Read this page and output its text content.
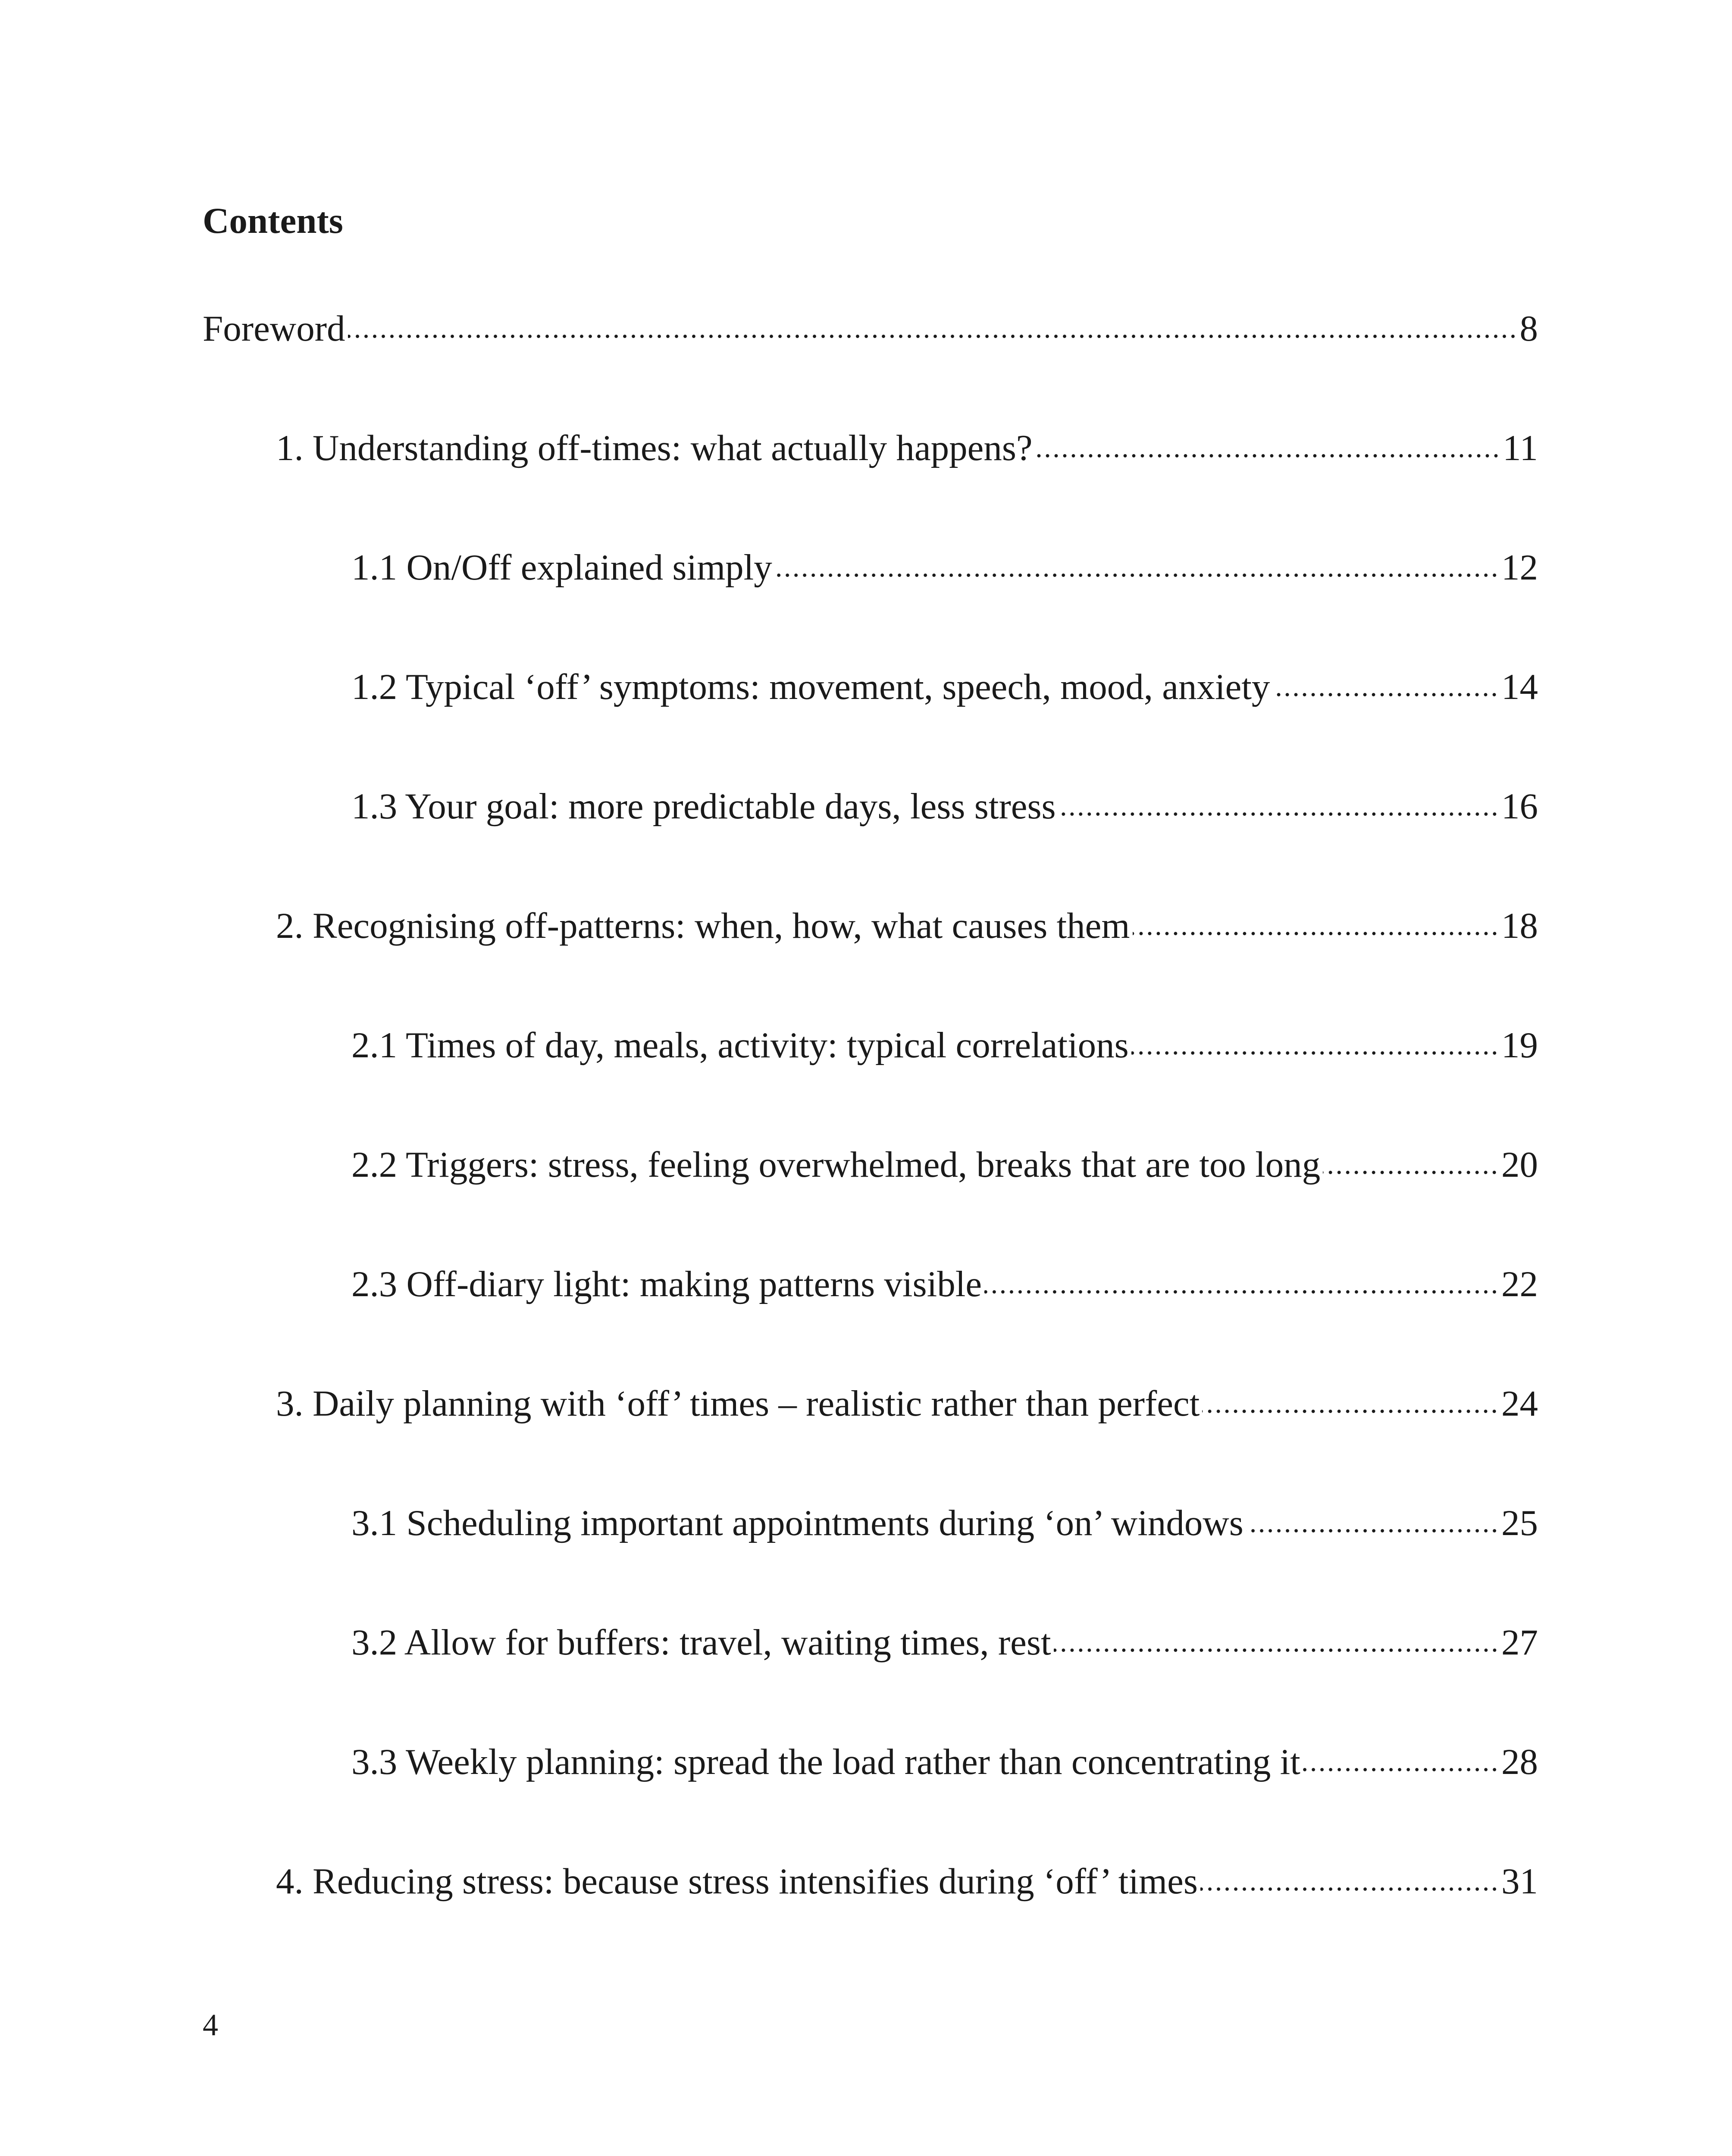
Contents
Foreword	8
1. Understanding off-times: what actually happens?	11
1.1 On/Off explained simply	12
1.2 Typical ‘off’ symptoms: movement, speech, mood, anxiety	14
1.3 Your goal: more predictable days, less stress	16
2. Recognising off-patterns: when, how, what causes them	18
2.1 Times of day, meals, activity: typical correlations	19
2.2 Triggers: stress, feeling overwhelmed, breaks that are too long	20
2.3 Off-diary light: making patterns visible	22
3. Daily planning with ‘off’ times – realistic rather than perfect	24
3.1 Scheduling important appointments during ‘on’ windows	25
3.2 Allow for buffers: travel, waiting times, rest	27
3.3 Weekly planning: spread the load rather than concentrating it	28
4. Reducing stress: because stress intensifies during ‘off’ times	31
4
